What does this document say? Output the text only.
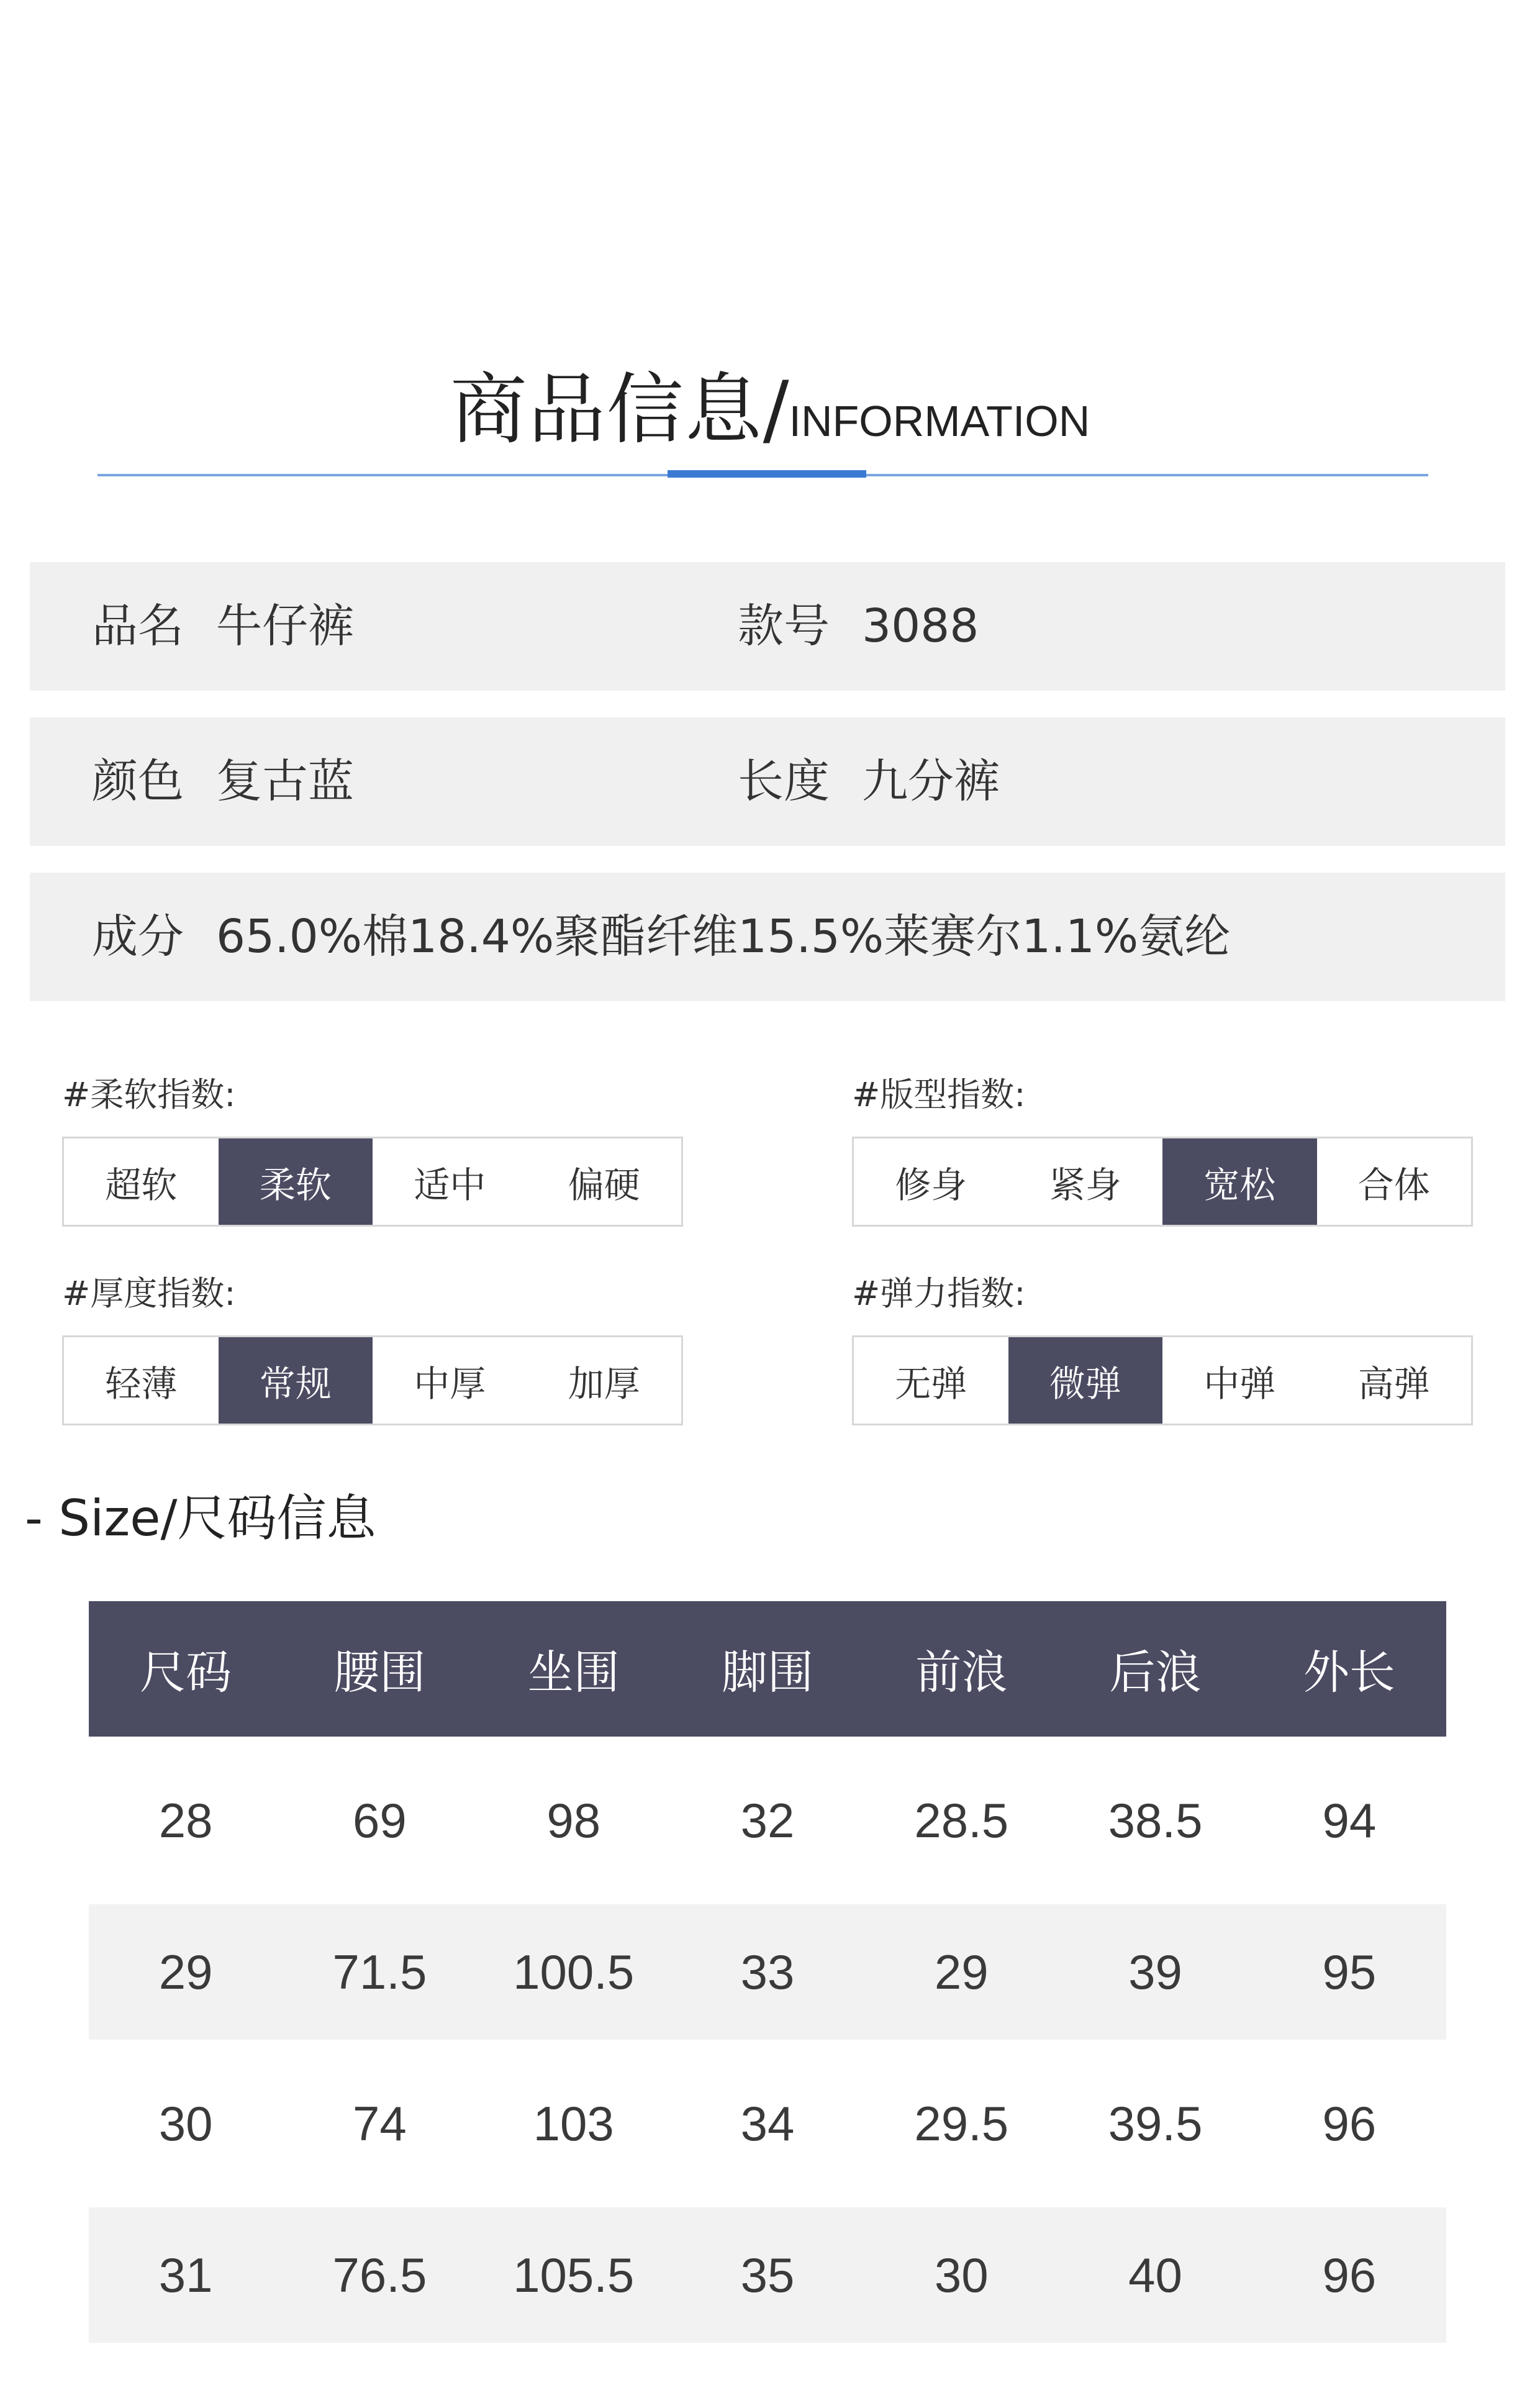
商品信息/INFORMATION
品名 牛仔裤	款号 3088
颜色 复古蓝	长度 九分裤
成分 65.0%棉18.4%聚酯纤维15.5%莱赛尔1.1%氨纶
#柔软指数:
超软	柔软	适中	偏硬
#版型指数:
修身	紧身	宽松	合体
#厚度指数:
轻薄	常规	中厚	加厚
#弹力指数:
无弹	微弹	中弹	高弹
- Size/尺码信息
尺码	腰围	坐围	脚围	前浪	后浪	外长
28	69	98	32	28.5	38.5	94
29	71.5	100.5	33	29	39	95
30	74	103	34	29.5	39.5	96
31	76.5	105.5	35	30	40	96
